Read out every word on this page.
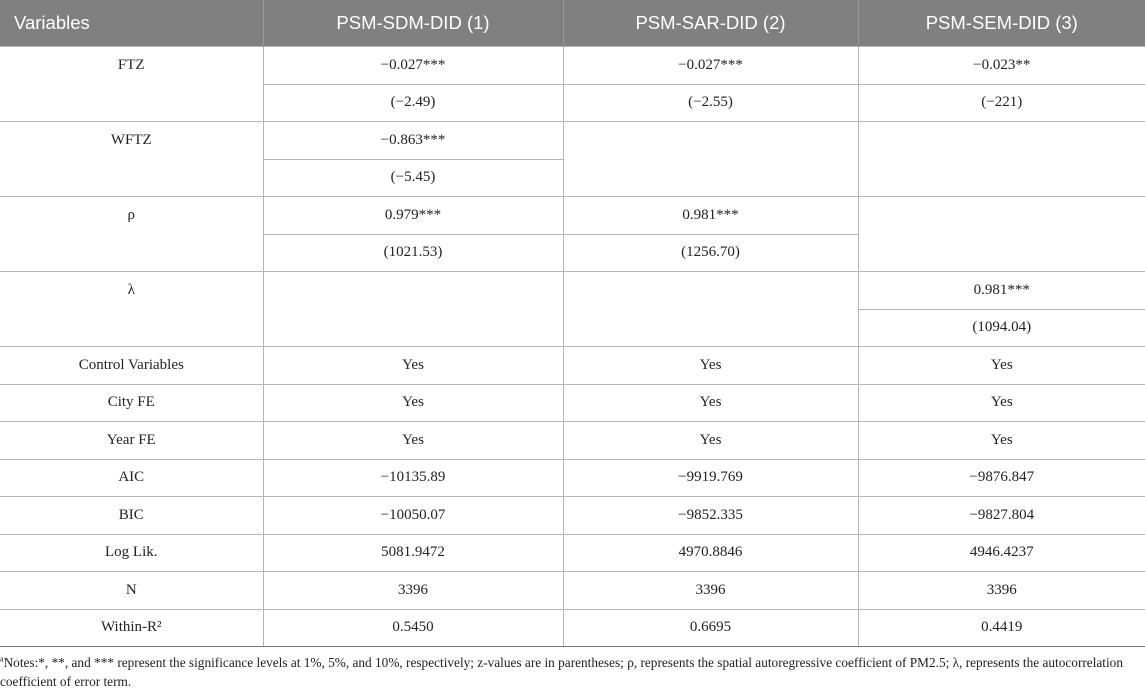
Variables	PSM-SDM-DID (1)	PSM-SAR-DID (2)	PSM-SEM-DID (3)
FTZ	−0.027***	−0.027***	−0.023**
	(−2.49)	(−2.55)	(−221)
WFTZ	−0.863***		
	(−5.45)		
ρ	0.979***	0.981***	
	(1021.53)	(1256.70)	
λ			0.981***
			(1094.04)
Control Variables	Yes	Yes	Yes
City FE	Yes	Yes	Yes
Year FE	Yes	Yes	Yes
AIC	−10135.89	−9919.769	−9876.847
BIC	−10050.07	−9852.335	−9827.804
Log Lik.	5081.9472	4970.8846	4946.4237
N	3396	3396	3396
Within-R²	0.5450	0.6695	0.4419

$^a$Notes:*, **, and *** represent the significance levels at 1%, 5%, and 10%, respectively; z-values are in parentheses; ρ, represents the spatial autoregressive coefficient of PM2.5; λ, represents the autocorrelation coefficient of error term.
